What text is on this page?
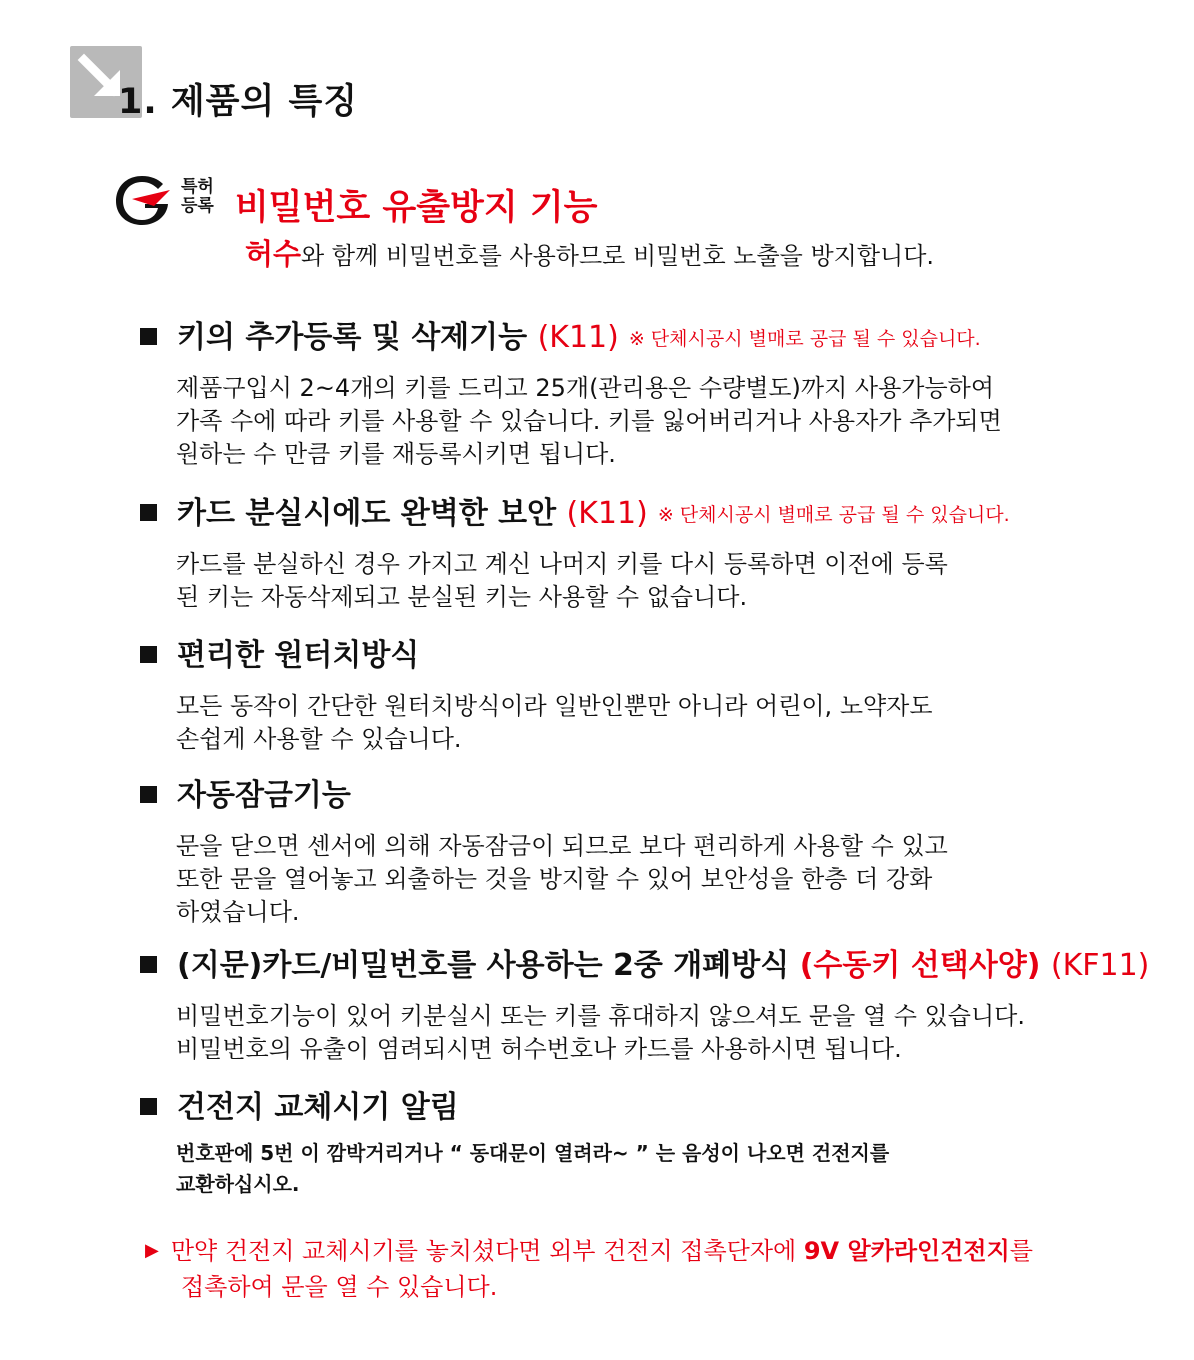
1. 제품의 특징
특허
등록 비밀번호 유출방지 기능
허수와 함께 비밀번호를 사용하므로 비밀번호 노출을 방지합니다.
키의 추가등록 및 삭제기능 (K11) ※ 단체시공시 별매로 공급 될 수 있습니다.
제품구입시 2~4개의 키를 드리고 25개(관리용은 수량별도)까지 사용가능하여
가족 수에 따라 키를 사용할 수 있습니다. 키를 잃어버리거나 사용자가 추가되면
원하는 수 만큼 키를 재등록시키면 됩니다.
카드 분실시에도 완벽한 보안 (K11) ※ 단체시공시 별매로 공급 될 수 있습니다.
카드를 분실하신 경우 가지고 계신 나머지 키를 다시 등록하면 이전에 등록
된 키는 자동삭제되고 분실된 키는 사용할 수 없습니다.
편리한 원터치방식
모든 동작이 간단한 원터치방식이라 일반인뿐만 아니라 어린이, 노약자도
손쉽게 사용할 수 있습니다.
자동잠금기능
문을 닫으면 센서에 의해 자동잠금이 되므로 보다 편리하게 사용할 수 있고
또한 문을 열어놓고 외출하는 것을 방지할 수 있어 보안성을 한층 더 강화
하였습니다.
(지문)카드/비밀번호를 사용하는 2중 개폐방식 (수동키 선택사양) (KF11)
비밀번호기능이 있어 키분실시 또는 키를 휴대하지 않으셔도 문을 열 수 있습니다.
비밀번호의 유출이 염려되시면 허수번호나 카드를 사용하시면 됩니다.
건전지 교체시기 알림
번호판에 5번 이 깜박거리거나 “ 동대문이 열려라~ ” 는 음성이 나오면 건전지를
교환하십시오.
▶ 만약 건전지 교체시기를 놓치셨다면 외부 건전지 접촉단자에 9V 알카라인건전지를
접촉하여 문을 열 수 있습니다.
